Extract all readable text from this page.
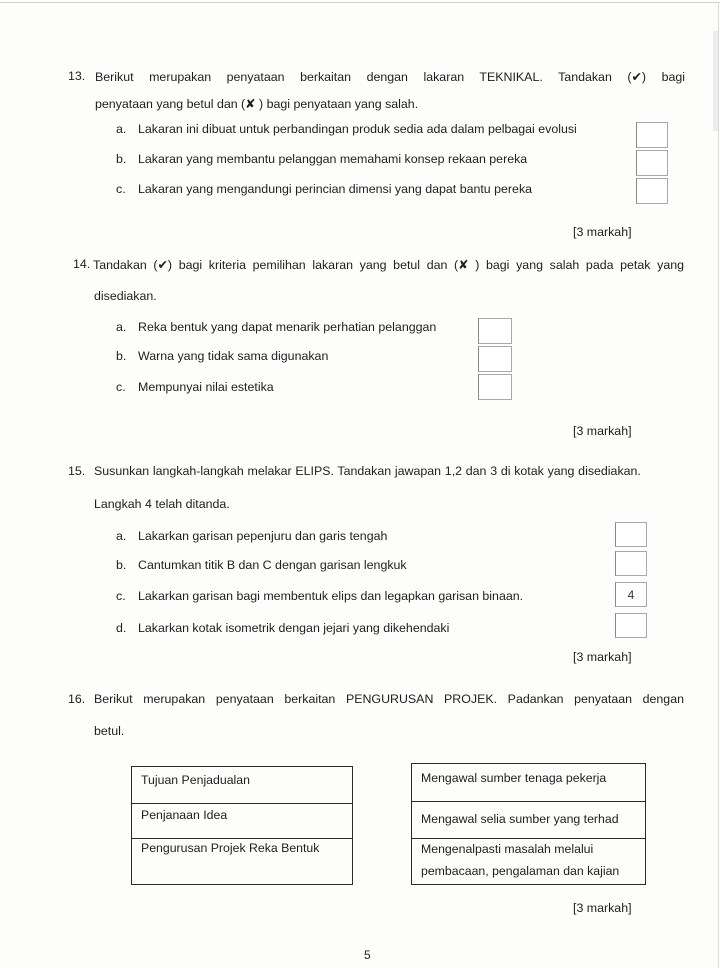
13. Berikut merupakan penyataan berkaitan dengan lakaran TEKNIKAL. Tandakan (✔) bagi
penyataan yang betul dan (✘ ) bagi penyataan yang salah.
a. Lakaran ini dibuat untuk perbandingan produk sedia ada dalam pelbagai evolusi
b. Lakaran yang membantu pelanggan memahami konsep rekaan pereka
c. Lakaran yang mengandungi perincian dimensi yang dapat bantu pereka
[3 markah]
14. Tandakan (✔) bagi kriteria pemilihan lakaran yang betul dan (✘ ) bagi yang salah pada petak yang
disediakan.
a. Reka bentuk yang dapat menarik perhatian pelanggan
b. Warna yang tidak sama digunakan
c. Mempunyai nilai estetika
[3 markah]
15. Susunkan langkah-langkah melakar ELIPS. Tandakan jawapan 1,2 dan 3 di kotak yang disediakan.
Langkah 4 telah ditanda.
a. Lakarkan garisan pepenjuru dan garis tengah
b. Cantumkan titik B dan C dengan garisan lengkuk
c. Lakarkan garisan bagi membentuk elips dan legapkan garisan binaan.	4
d. Lakarkan kotak isometrik dengan jejari yang dikehendaki
[3 markah]
16. Berikut merupakan penyataan berkaitan PENGURUSAN PROJEK. Padankan penyataan dengan
betul.
Tujuan Penjadualan
Penjanaan Idea
Pengurusan Projek Reka Bentuk
Mengawal sumber tenaga pekerja
Mengawal selia sumber yang terhad
Mengenalpasti masalah melalui
pembacaan, pengalaman dan kajian
[3 markah]
5
